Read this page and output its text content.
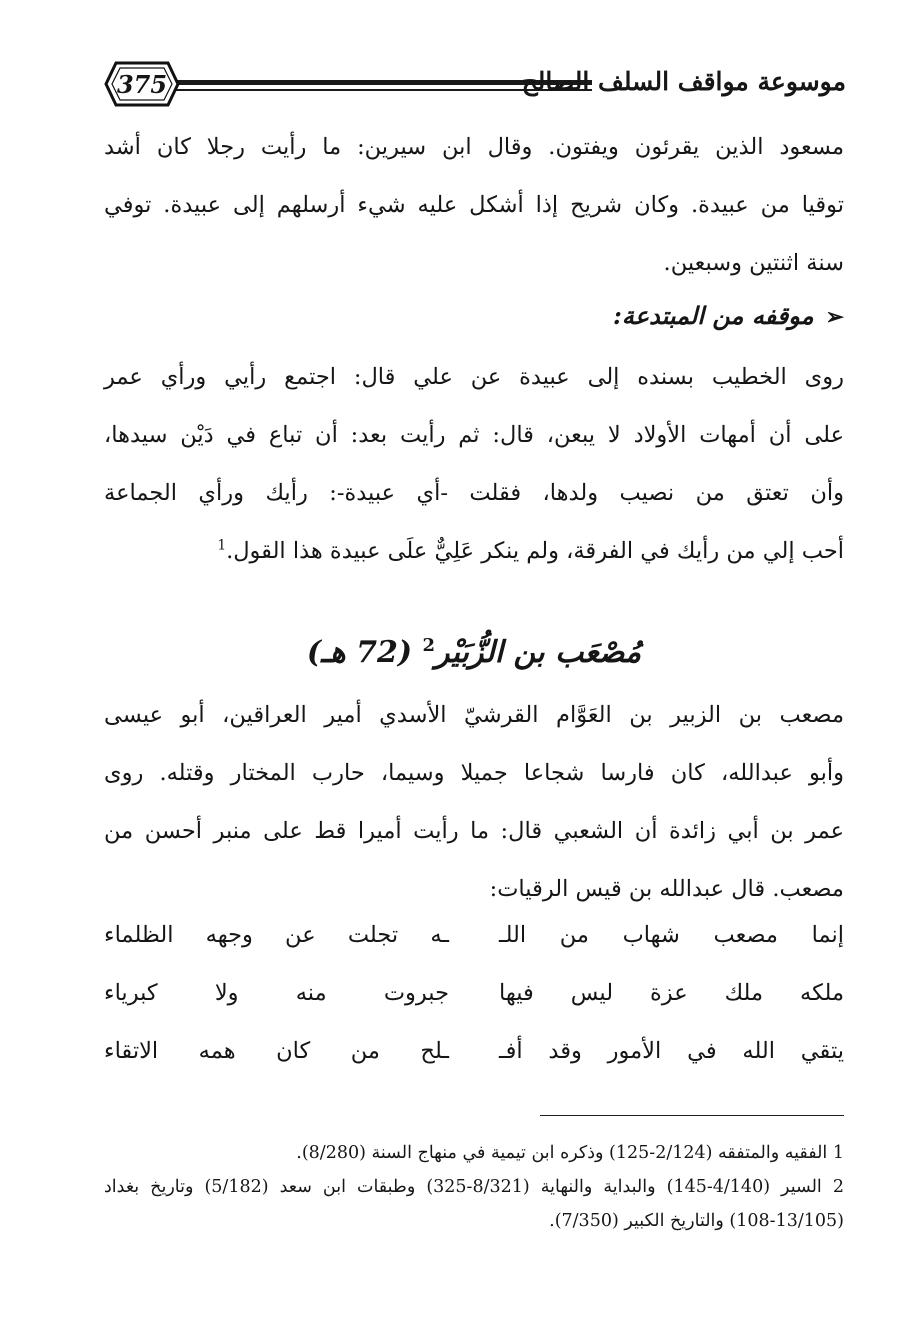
375	موسوعة مواقف السلف الصالح

مسعود الذين يقرئون ويفتون. وقال ابن سيرين: ما رأيت رجلا كان أشد

توقيا من عبيدة. وكان شريح إذا أشكل عليه شيء أرسلهم إلى عبيدة. توفي

سنة اثنتين وسبعين.

➢موقفه من المبتدعة:

روى الخطيب بسنده إلى عبيدة عن علي قال: اجتمع رأيي ورأي عمر

على أن أمهات الأولاد لا يبعن، قال: ثم رأيت بعد: أن تباع في دَيْن سيدها،

وأن تعتق من نصيب ولدها، فقلت -أي عبيدة-: رأيك ورأي الجماعة

أحب إلي من رأيك في الفرقة، ولم ينكر عَلِيٌّ علَى عبيدة هذا القول.$^1$

مُصْعَب بن الزُّبَيْر$^2$ (72 هـ)

مصعب بن الزبير بن العَوَّام القرشيّ الأسدي أمير العراقين، أبو عيسى

وأبو عبدالله، كان فارسا شجاعا جميلا وسيما، حارب المختار وقتله. روى

عمر بن أبي زائدة أن الشعبي قال: ما رأيت أميرا قط على منبر أحسن من

مصعب. قال عبدالله بن قيس الرقيات:

إنما مصعب شهاب من اللـ
ـه تجلت عن وجهه الظلماء
ملكه ملك عزة ليس فيها
جبروت منه ولا كبرياء
يتقي الله في الأمور وقد أفـ
ـلح من كان همه الاتقاء

1 الفقيه والمتفقه (2/124-125) وذكره ابن تيمية في منهاج السنة (8/280).

2 السير (4/140-145) والبداية والنهاية (8/321-325) وطبقات ابن سعد (5/182) وتاريخ بغداد (13/105-108) والتاريخ الكبير (7/350).
